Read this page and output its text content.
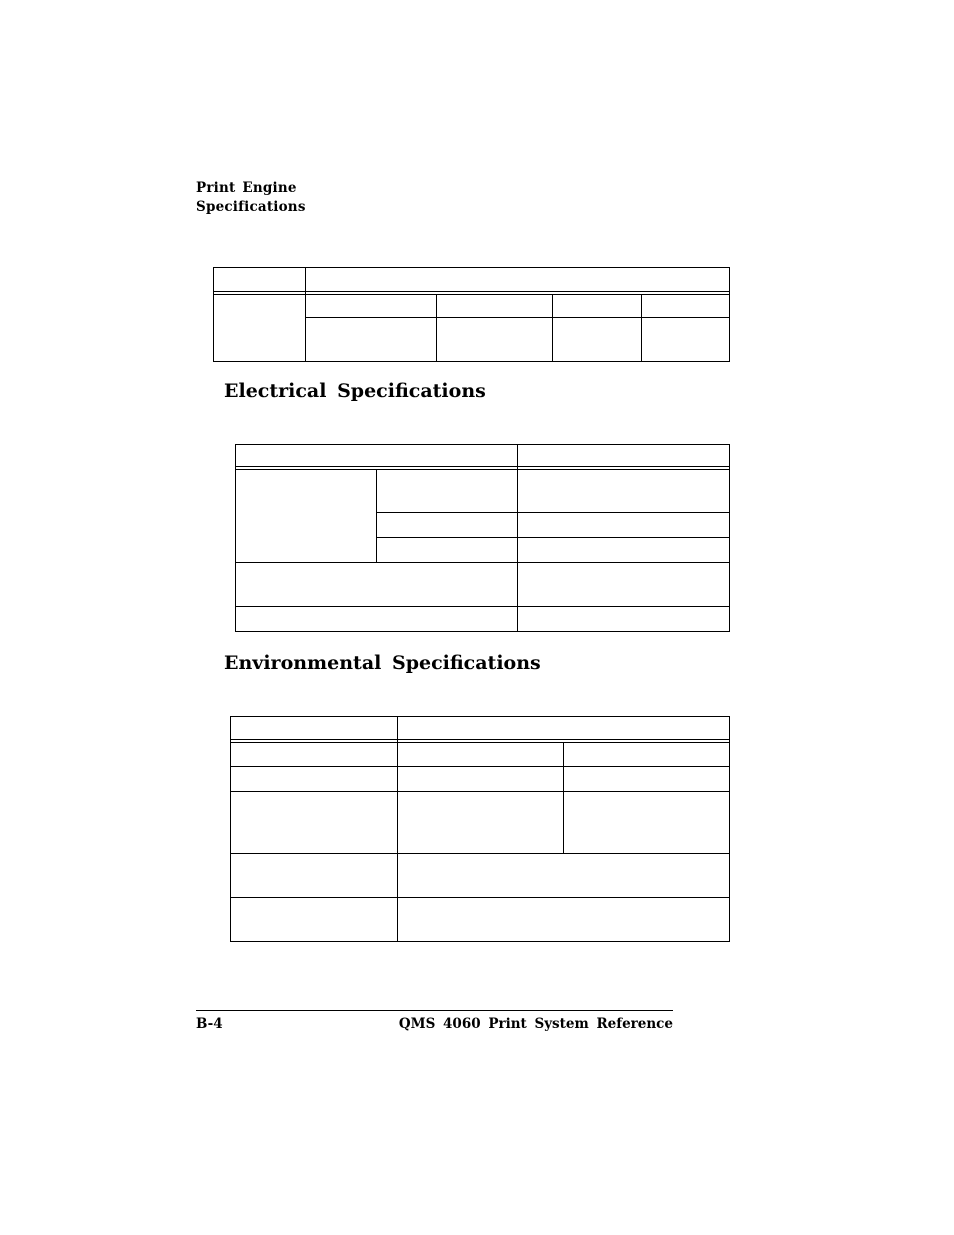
Print Engine
Specifications
Electrical Specifications
Environmental Specifications
B-4	QMS 4060 Print System Reference
